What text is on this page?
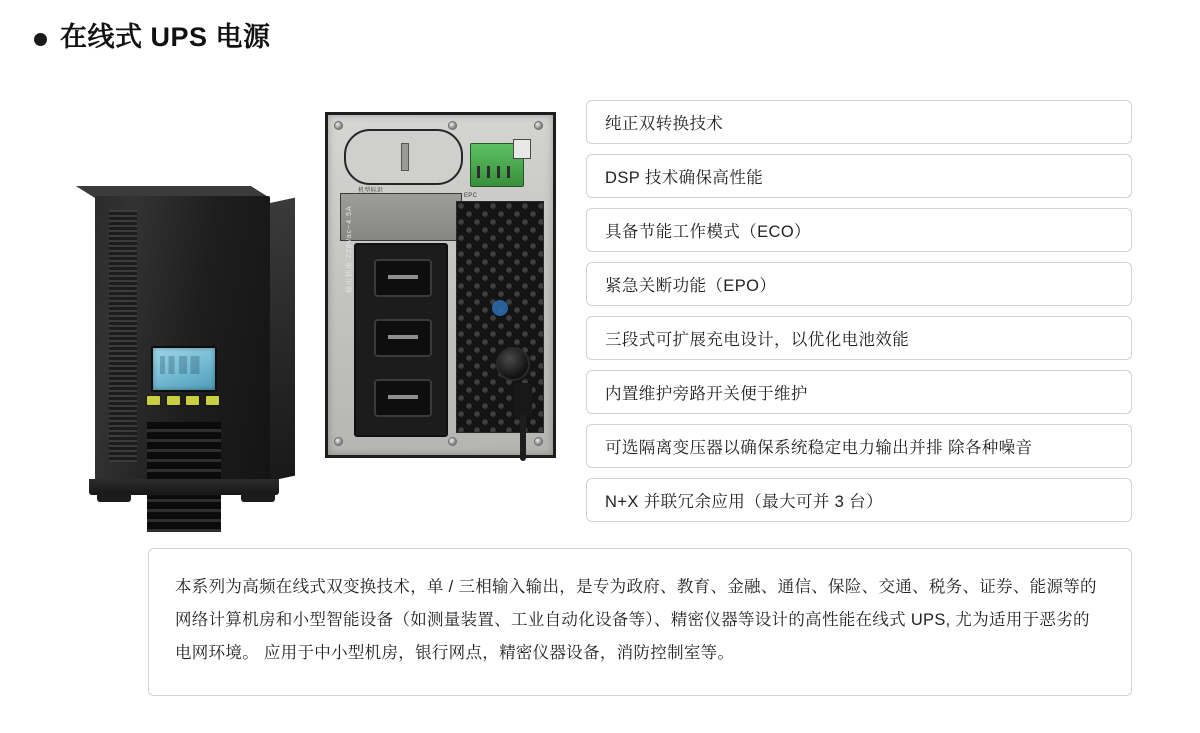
在线式 UPS 电源
机型标识
EPC
输出插座 220Vac~4.5A
纯正双转换技术
DSP 技术确保高性能
具备节能工作模式（ECO）
紧急关断功能（EPO）
三段式可扩展充电设计，以优化电池效能
内置维护旁路开关便于维护
可选隔离变压器以确保系统稳定电力输出并排 除各种噪音
N+X 并联冗余应用（最大可并 3 台）

本系列为高频在线式双变换技术，单 / 三相输入输出，是专为政府、教育、金融、通信、保险、交通、税务、证券、能源等的网络计算机房和小型智能设备（如测量装置、工业自动化设备等）、精密仪器等设计的高性能在线式 UPS, 尤为适用于恶劣的电网环境。 应用于中小型机房，银行网点，精密仪器设备，消防控制室等。
